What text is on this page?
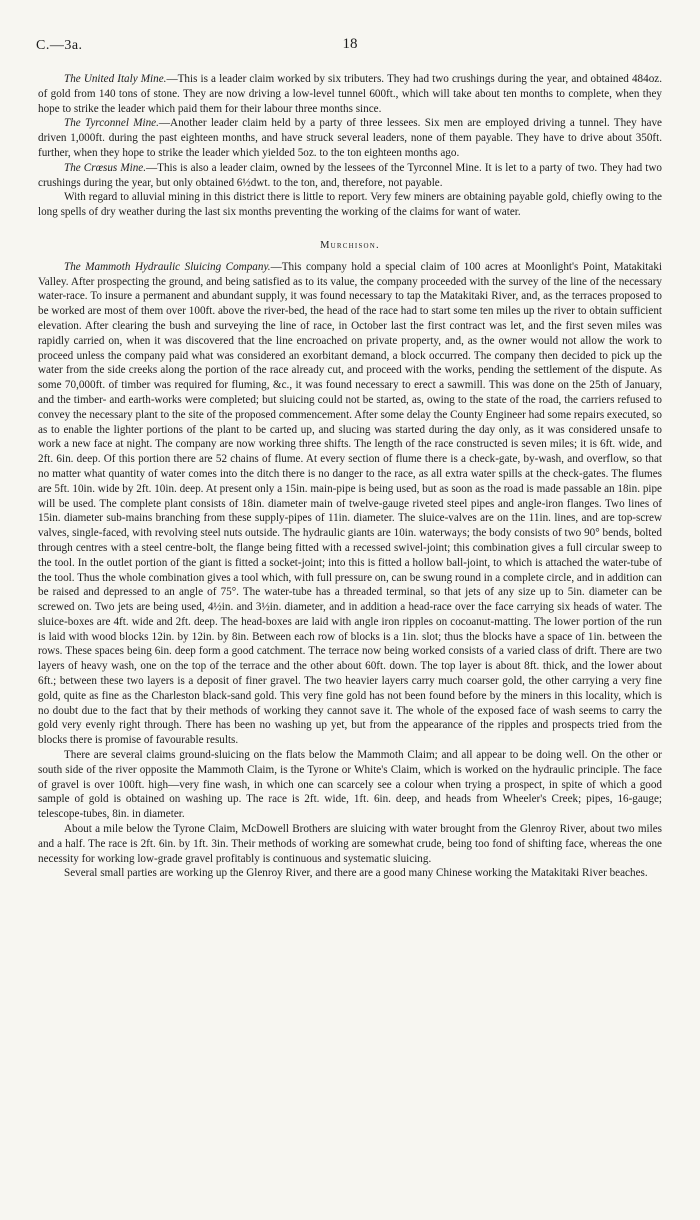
C.—3a.	18

The United Italy Mine.—This is a leader claim worked by six tributers. They had two crushings during the year, and obtained 484oz. of gold from 140 tons of stone. They are now driving a low-level tunnel 600ft., which will take about ten months to complete, when they hope to strike the leader which paid them for their labour three months since.

The Tyrconnel Mine.—Another leader claim held by a party of three lessees. Six men are employed driving a tunnel. They have driven 1,000ft. during the past eighteen months, and have struck several leaders, none of them payable. They have to drive about 350ft. further, when they hope to strike the leader which yielded 5oz. to the ton eighteen months ago.

The Crœsus Mine.—This is also a leader claim, owned by the lessees of the Tyrconnel Mine. It is let to a party of two. They had two crushings during the year, but only obtained 6½dwt. to the ton, and, therefore, not payable.

With regard to alluvial mining in this district there is little to report. Very few miners are obtaining payable gold, chiefly owing to the long spells of dry weather during the last six months preventing the working of the claims for want of water.

Murchison.

The Mammoth Hydraulic Sluicing Company.—This company hold a special claim of 100 acres at Moonlight's Point, Matakitaki Valley. After prospecting the ground, and being satisfied as to its value, the company proceeded with the survey of the line of the necessary water-race. To insure a permanent and abundant supply, it was found necessary to tap the Matakitaki River, and, as the terraces proposed to be worked are most of them over 100ft. above the river-bed, the head of the race had to start some ten miles up the river to obtain sufficient elevation. After clearing the bush and surveying the line of race, in October last the first contract was let, and the first seven miles was rapidly carried on, when it was discovered that the line encroached on private property, and, as the owner would not allow the work to proceed unless the company paid what was considered an exorbitant demand, a block occurred. The company then decided to pick up the water from the side creeks along the portion of the race already cut, and proceed with the works, pending the settlement of the dispute. As some 70,000ft. of timber was required for fluming, &c., it was found necessary to erect a sawmill. This was done on the 25th of January, and the timber- and earth-works were completed; but sluicing could not be started, as, owing to the state of the road, the carriers refused to convey the necessary plant to the site of the proposed commencement. After some delay the County Engineer had some repairs executed, so as to enable the lighter portions of the plant to be carted up, and slucing was started during the day only, as it was considered unsafe to work a new face at night. The company are now working three shifts. The length of the race constructed is seven miles; it is 6ft. wide, and 2ft. 6in. deep. Of this portion there are 52 chains of flume. At every section of flume there is a check-gate, by-wash, and overflow, so that no matter what quantity of water comes into the ditch there is no danger to the race, as all extra water spills at the check-gates. The flumes are 5ft. 10in. wide by 2ft. 10in. deep. At present only a 15in. main-pipe is being used, but as soon as the road is made passable an 18in. pipe will be used. The complete plant consists of 18in. diameter main of twelve-gauge riveted steel pipes and angle-iron flanges. Two lines of 15in. diameter sub-mains branching from these supply-pipes of 11in. diameter. The sluice-valves are on the 11in. lines, and are top-screw valves, single-faced, with revolving steel nuts outside. The hydraulic giants are 10in. waterways; the body consists of two 90° bends, bolted through centres with a steel centre-bolt, the flange being fitted with a recessed swivel-joint; this combination gives a full circular sweep to the tool. In the outlet portion of the giant is fitted a socket-joint; into this is fitted a hollow ball-joint, to which is attached the water-tube of the tool. Thus the whole combination gives a tool which, with full pressure on, can be swung round in a complete circle, and in addition can be raised and depressed to an angle of 75°. The water-tube has a threaded terminal, so that jets of any size up to 5in. diameter can be screwed on. Two jets are being used, 4½in. and 3½in. diameter, and in addition a head-race over the face carrying six heads of water. The sluice-boxes are 4ft. wide and 2ft. deep. The head-boxes are laid with angle iron ripples on cocoanut-matting. The lower portion of the run is laid with wood blocks 12in. by 12in. by 8in. Between each row of blocks is a 1in. slot; thus the blocks have a space of 1in. between the rows. These spaces being 6in. deep form a good catchment. The terrace now being worked consists of a varied class of drift. There are two layers of heavy wash, one on the top of the terrace and the other about 60ft. down. The top layer is about 8ft. thick, and the lower about 6ft.; between these two layers is a deposit of finer gravel. The two heavier layers carry much coarser gold, the other carrying a very fine gold, quite as fine as the Charleston black-sand gold. This very fine gold has not been found before by the miners in this locality, which is no doubt due to the fact that by their methods of working they cannot save it. The whole of the exposed face of wash seems to carry the gold very evenly right through. There has been no washing up yet, but from the appearance of the ripples and prospects tried from the blocks there is promise of favourable results.

There are several claims ground-sluicing on the flats below the Mammoth Claim; and all appear to be doing well. On the other or south side of the river opposite the Mammoth Claim, is the Tyrone or White's Claim, which is worked on the hydraulic principle. The face of gravel is over 100ft. high—very fine wash, in which one can scarcely see a colour when trying a prospect, in spite of which a good sample of gold is obtained on washing up. The race is 2ft. wide, 1ft. 6in. deep, and heads from Wheeler's Creek; pipes, 16-gauge; telescope-tubes, 8in. in diameter.

About a mile below the Tyrone Claim, McDowell Brothers are sluicing with water brought from the Glenroy River, about two miles and a half. The race is 2ft. 6in. by 1ft. 3in. Their methods of working are somewhat crude, being too fond of shifting face, whereas the one necessity for working low-grade gravel profitably is continuous and systematic sluicing.

Several small parties are working up the Glenroy River, and there are a good many Chinese working the Matakitaki River beaches.
